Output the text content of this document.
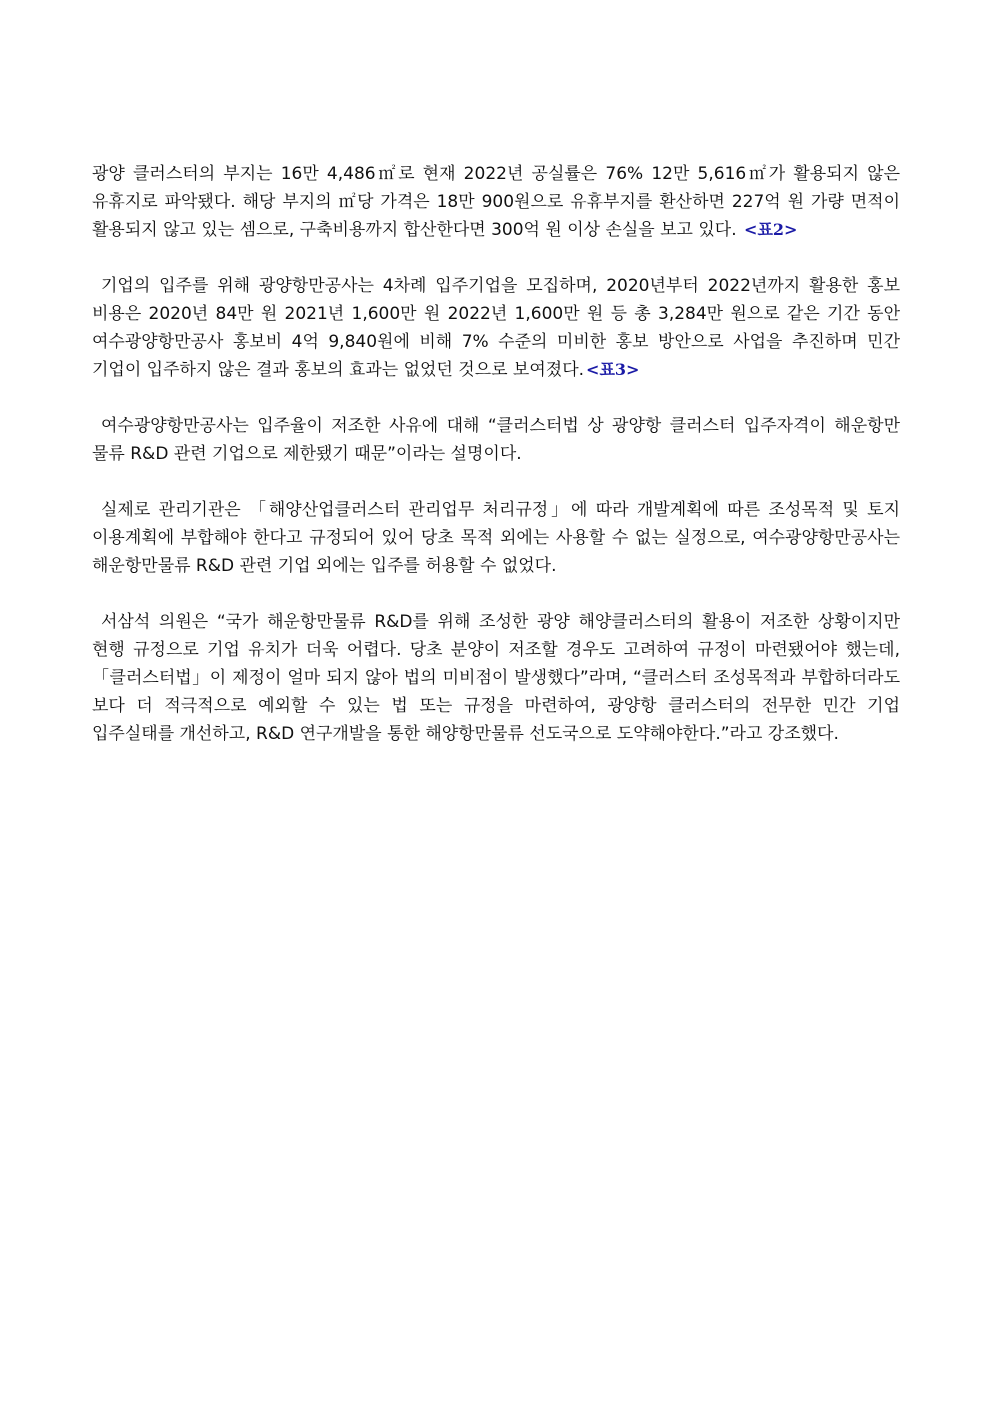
광양 클러스터의 부지는 16만 4,486㎡로 현재 2022년 공실률은 76% 12만 5,616㎡가 활용되지 않은 유휴지로 파악됐다. 해당 부지의 ㎡당 가격은 18만 900원으로 유휴부지를 환산하면 227억 원 가량 면적이 활용되지 않고 있는 셈으로, 구축비용까지 합산한다면 300억 원 이상 손실을 보고 있다. <표2>

기업의 입주를 위해 광양항만공사는 4차례 입주기업을 모집하며, 2020년부터 2022년까지 활용한 홍보 비용은 2020년 84만 원 2021년 1,600만 원 2022년 1,600만 원 등 총 3,284만 원으로 같은 기간 동안 여수광양항만공사 홍보비 4억 9,840원에 비해 7% 수준의 미비한 홍보 방안으로 사업을 추진하며 민간 기업이 입주하지 않은 결과 홍보의 효과는 없었던 것으로 보여졌다. <표3>

여수광양항만공사는 입주율이 저조한 사유에 대해 “클러스터법 상 광양항 클러스터 입주자격이 해운항만 물류 R&D 관련 기업으로 제한됐기 때문”이라는 설명이다.

실제로 관리기관은 「해양산업클러스터 관리업무 처리규정」에 따라 개발계획에 따른 조성목적 및 토지 이용계획에 부합해야 한다고 규정되어 있어 당초 목적 외에는 사용할 수 없는 실정으로, 여수광양항만공사는 해운항만물류 R&D 관련 기업 외에는 입주를 허용할 수 없었다.

서삼석 의원은 “국가 해운항만물류 R&D를 위해 조성한 광양 해양클러스터의 활용이 저조한 상황이지만 현행 규정으로 기업 유치가 더욱 어렵다. 당초 분양이 저조할 경우도 고려하여 규정이 마련됐어야 했는데, 「클러스터법」이 제정이 얼마 되지 않아 법의 미비점이 발생했다”라며, “클러스터 조성목적과 부합하더라도 보다 더 적극적으로 예외할 수 있는 법 또는 규정을 마련하여, 광양항 클러스터의 전무한 민간 기업 입주실태를 개선하고, R&D 연구개발을 통한 해양항만물류 선도국으로 도약해야한다.”라고 강조했다.
